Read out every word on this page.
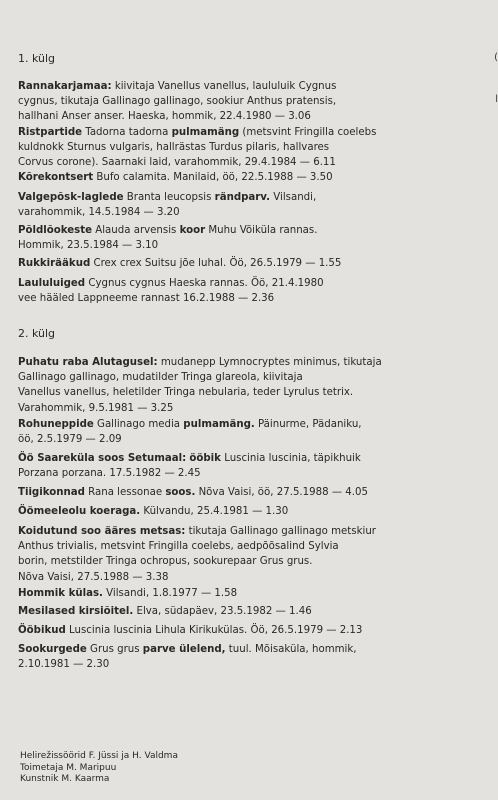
(
l
1. külg
Rannakarjamaa: kiivitaja Vanellus vanellus, laululuik Cygnus
cygnus, tikutaja Gallinago gallinago, sookiur Anthus pratensis,
hallhani Anser anser. Haeska, hommik, 22.4.1980 — 3.06
Ristpartide Tadorna tadorna pulmamäng (metsvint Fringilla coelebs
kuldnokk Sturnus vulgaris, hallrästas Turdus pilaris, hallvares
Corvus corone). Saarnaki laid, varahommik, 29.4.1984 — 6.11
Kõrekontsert Bufo calamita. Manilaid, öö, 22.5.1988 — 3.50
Valgepõsk-laglede Branta leucopsis rändparv. Vilsandi,
varahommik, 14.5.1984 — 3.20
Põldlõokeste Alauda arvensis koor Muhu Võiküla rannas.
Hommik, 23.5.1984 — 3.10
Rukkirääkud Crex crex Suitsu jõe luhal. Öö, 26.5.1979 — 1.55
Laululuiged Cygnus cygnus Haeska rannas. Öö, 21.4.1980
vee hääled Lappneeme rannast 16.2.1988 — 2.36
2. külg
Puhatu raba Alutagusel: mudanepp Lymnocryptes minimus, tikutaja
Gallinago gallinago, mudatilder Tringa glareola, kiivitaja
Vanellus vanellus, heletilder Tringa nebularia, teder Lyrulus tetrix.
Varahommik, 9.5.1981 — 3.25
Rohuneppide Gallinago media pulmamäng. Päinurme, Pädaniku,
öö, 2.5.1979 — 2.09
Öö Saareküla soos Setumaal: ööbik Luscinia luscinia, täpikhuik
Porzana porzana. 17.5.1982 — 2.45
Tiigikonnad Rana lessonae soos. Nõva Vaisi, öö, 27.5.1988 — 4.05
Öömeeleolu koeraga. Külvandu, 25.4.1981 — 1.30
Koidutund soo ääres metsas: tikutaja Gallinago gallinago metskiur
Anthus trivialis, metsvint Fringilla coelebs, aedpõõsalind Sylvia
borin, metstilder Tringa ochropus, sookurepaar Grus grus.
Nõva Vaisi, 27.5.1988 — 3.38
Hommik külas. Vilsandi, 1.8.1977 — 1.58
Mesilased kirsiõitel. Elva, südapäev, 23.5.1982 — 1.46
Ööbikud Luscinia luscinia Lihula Kirikukülas. Öö, 26.5.1979 — 2.13
Sookurgede Grus grus parve ülelend, tuul. Mõisaküla, hommik,
2.10.1981 — 2.30
Helirežissöörid F. Jüssi ja H. Valdma
Toimetaja M. Maripuu
Kunstnik M. Kaarma
